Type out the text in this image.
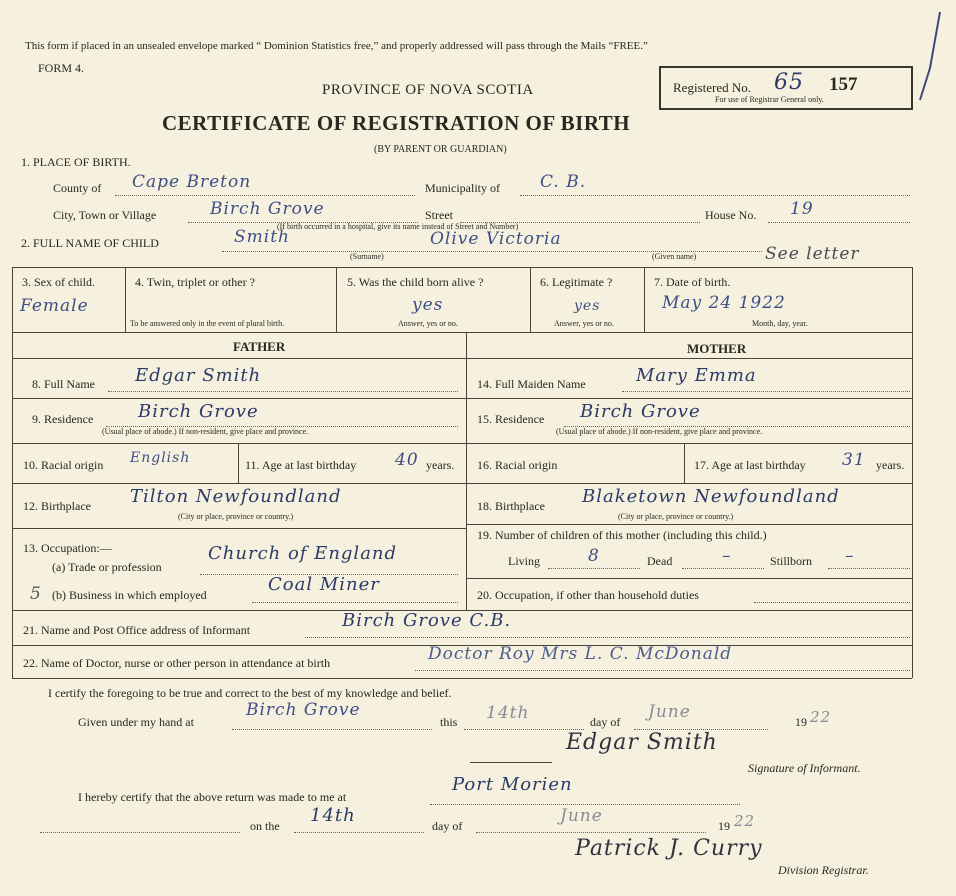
This form if placed in an unsealed envelope marked “ Dominion Statistics free,” and properly addressed will pass through the Mails “FREE.”
FORM 4.
PROVINCE OF NOVA SCOTIA
CERTIFICATE OF REGISTRATION OF BIRTH
(BY PARENT OR GUARDIAN)
Registered No. 65 157
For use of Registrar General only.
1. PLACE OF BIRTH.
County of Cape Breton	Municipality of C. B.
City, Town or Village	Birch Grove	Street
(If birth occurred in a hospital, give its name instead of Street and Number)
House No. 19
2. FULL NAME OF CHILD	Smith
(Surname)
Olive Victoria
(Given name)	See letter
3. Sex of child.
Female
4. Twin, triplet or other ?
To be answered only in the event of plural birth.
5. Was the child born alive ?
yes
Answer, yes or no.
6. Legitimate ?
yes
Answer, yes or no.
7. Date of birth.
May 24 1922
Month, day, year.
FATHER	MOTHER
8. Full Name Edgar Smith
9. Residence Birch Grove
(Usual place of abode.) If non-resident, give place and province.
10. Racial origin English	11. Age at last birthday 40 years.
12. Birthplace Tilton Newfoundland
(City or place, province or country.)
13. Occupation:—
(a) Trade or profession
Church of England
5 (b) Business in which employed	Coal Miner
14. Full Maiden Name	Mary Emma
15. Residence Birch Grove
(Usual place of abode.) If non-resident, give place and province.
16. Racial origin	17. Age at last birthday 31 years.
18. Birthplace Blaketown Newfoundland
(City or place, province or country.)
19. Number of children of this mother (including this child.)
Living	8	Dead	–	Stillborn –
20. Occupation, if other than household duties
21. Name and Post Office address of Informant	Birch Grove C.B.
22. Name of Doctor, nurse or other person in attendance at birth	Doctor Roy Mrs L. C. McDonald
I certify the foregoing to be true and correct to the best of my knowledge and belief.
Given under my hand at
Birch Grove
this 14th	day of June	19 22
Edgar Smith
Signature of Informant.
I hereby certify that the above return was made to me at
Port Morien
on the 14th	day of	June	19 22
Patrick J. Curry
Division Registrar.
